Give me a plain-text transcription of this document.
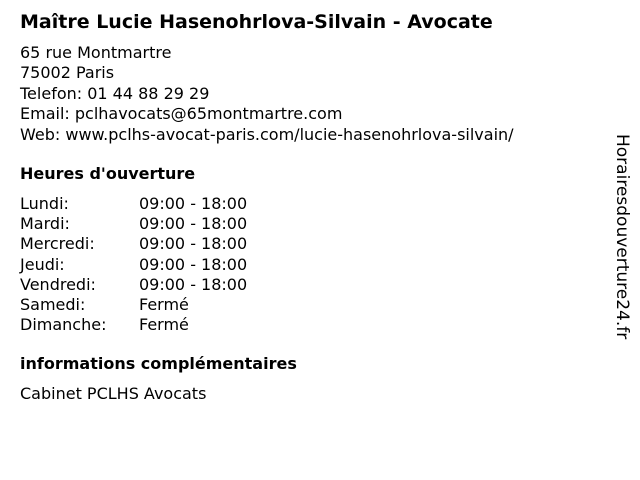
Maître Lucie Hasenohrlova-Silvain - Avocate
65 rue Montmartre
75002 Paris
Telefon: 01 44 88 29 29
Email: pclhavocats@65montmartre.com
Web: www.pclhs-avocat-paris.com/lucie-hasenohrlova-silvain/
Heures d'ouverture
Lundi:	09:00 - 18:00
Mardi:	09:00 - 18:00
Mercredi:	09:00 - 18:00
Jeudi:	09:00 - 18:00
Vendredi:	09:00 - 18:00
Samedi:	Fermé
Dimanche:	Fermé
informations complémentaires
Cabinet PCLHS Avocats
Horairesdouverture24.fr
